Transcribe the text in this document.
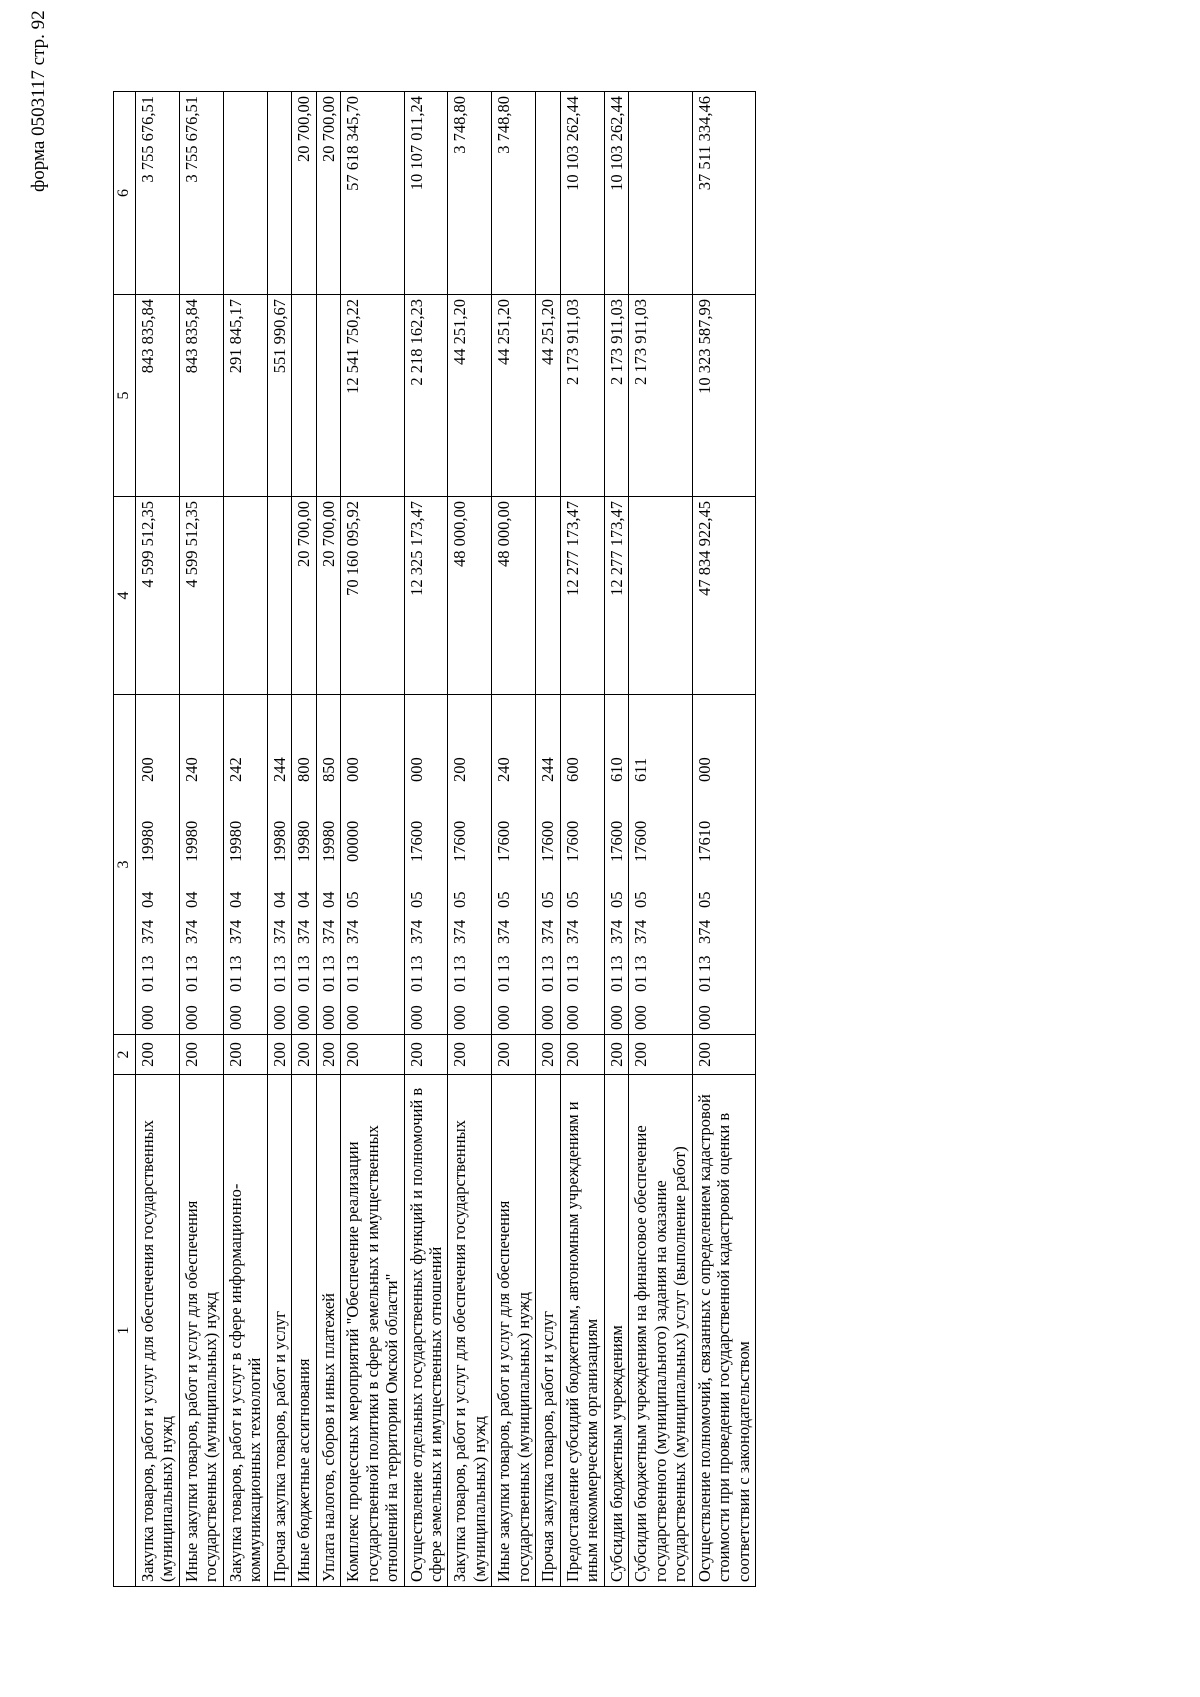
форма 0503117 стр. 92
1	2	3	4	5	6
Закупка товаров, работ и услуг для обеспечения государственных (муниципальных) нужд	200	00001133740419980200	4 599 512,35	843 835,84	3 755 676,51
Иные закупки товаров, работ и услуг для обеспечения государственных (муниципальных) нужд	200	00001133740419980240	4 599 512,35	843 835,84	3 755 676,51
Закупка товаров, работ и услуг в сфере информационно-коммуникационных технологий	200	00001133740419980242		291 845,17	
Прочая закупка товаров, работ и услуг	200	00001133740419980244		551 990,67	
Иные бюджетные ассигнования	200	00001133740419980800	20 700,00		20 700,00
Уплата налогов, сборов и иных платежей	200	00001133740419980850	20 700,00		20 700,00
Комплекс процессных мероприятий "Обеспечение реализации государственной политики в сфере земельных и имущественных отношений на территории Омской области"	200	00001133740500000000	70 160 095,92	12 541 750,22	57 618 345,70
Осуществление отдельных государственных функций и полномочий в сфере земельных и имущественных отношений	200	00001133740517600000	12 325 173,47	2 218 162,23	10 107 011,24
Закупка товаров, работ и услуг для обеспечения государственных (муниципальных) нужд	200	00001133740517600200	48 000,00	44 251,20	3 748,80
Иные закупки товаров, работ и услуг для обеспечения государственных (муниципальных) нужд	200	00001133740517600240	48 000,00	44 251,20	3 748,80
Прочая закупка товаров, работ и услуг	200	00001133740517600244		44 251,20	
Предоставление субсидий бюджетным, автономным учреждениям и иным некоммерческим организациям	200	00001133740517600600	12 277 173,47	2 173 911,03	10 103 262,44
Субсидии бюджетным учреждениям	200	00001133740517600610	12 277 173,47	2 173 911,03	10 103 262,44
Субсидии бюджетным учреждениям на финансовое обеспечение государственного (муниципального) задания на оказание государственных (муниципальных) услуг (выполнение работ)	200	00001133740517600611		2 173 911,03	
Осуществление полномочий, связанных с определением кадастровой стоимости при проведении государственной кадастровой оценки в соответствии с законодательством	200	00001133740517610000	47 834 922,45	10 323 587,99	37 511 334,46
